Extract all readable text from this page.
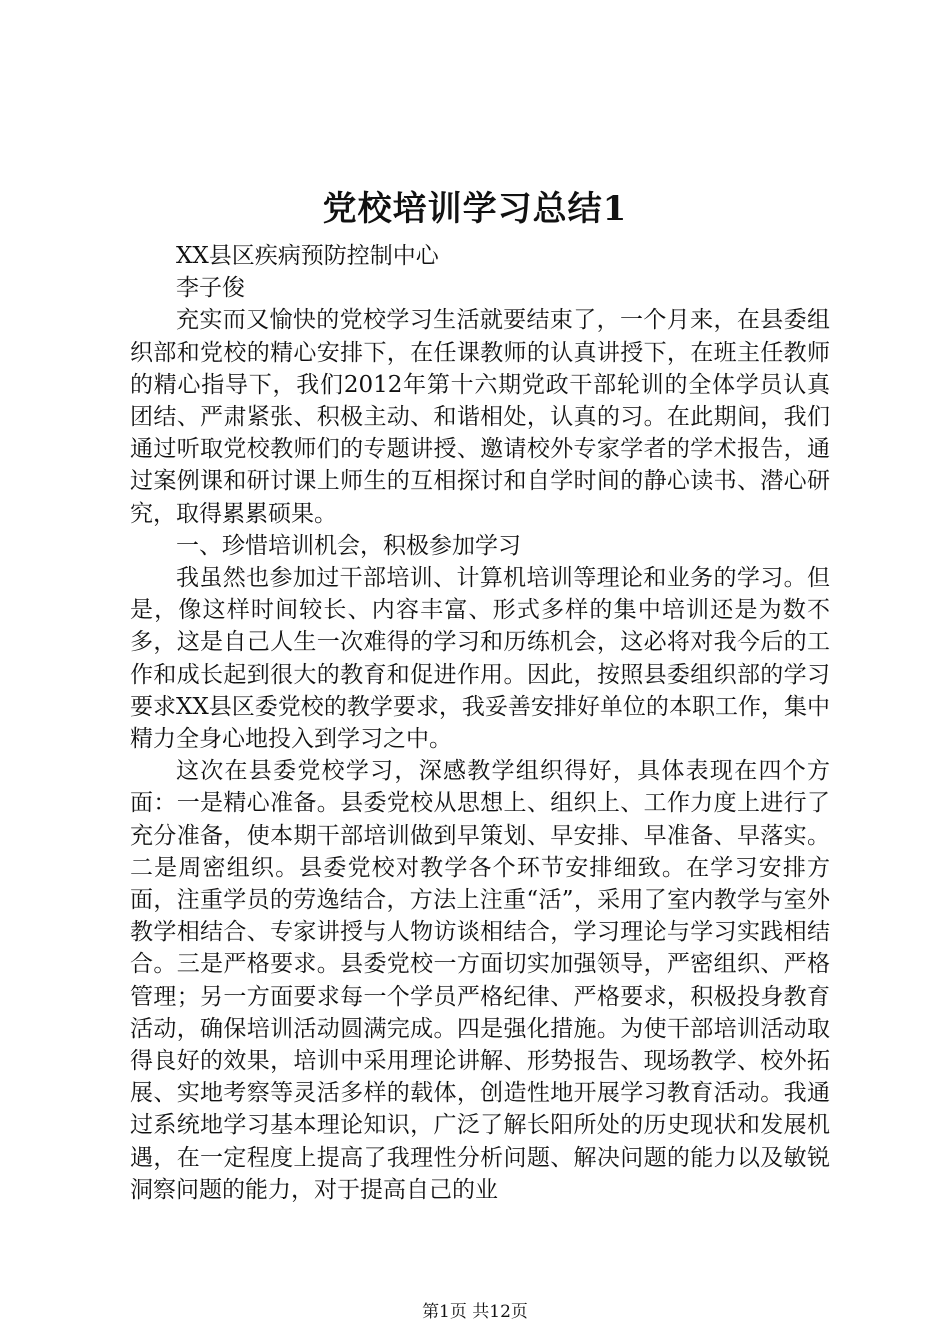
党校培训学习总结1

XX县区疾病预防控制中心

李子俊

充实而又愉快的党校学习生活就要结束了，一个月来，在县委组织部和党校的精心安排下，在任课教师的认真讲授下，在班主任教师的精心指导下，我们2012年第十六期党政干部轮训的全体学员认真团结、严肃紧张、积极主动、和谐相处，认真的习。在此期间，我们通过听取党校教师们的专题讲授、邀请校外专家学者的学术报告，通过案例课和研讨课上师生的互相探讨和自学时间的静心读书、潜心研究，取得累累硕果。

一、珍惜培训机会，积极参加学习

我虽然也参加过干部培训、计算机培训等理论和业务的学习。但是，像这样时间较长、内容丰富、形式多样的集中培训还是为数不多，这是自己人生一次难得的学习和历练机会，这必将对我今后的工作和成长起到很大的教育和促进作用。因此，按照县委组织部的学习要求XX县区委党校的教学要求，我妥善安排好单位的本职工作，集中精力全身心地投入到学习之中。

这次在县委党校学习，深感教学组织得好，具体表现在四个方面：一是精心准备。县委党校从思想上、组织上、工作力度上进行了充分准备，使本期干部培训做到早策划、早安排、早准备、早落实。二是周密组织。县委党校对教学各个环节安排细致。在学习安排方面，注重学员的劳逸结合，方法上注重“活”，采用了室内教学与室外教学相结合、专家讲授与人物访谈相结合，学习理论与学习实践相结合。三是严格要求。县委党校一方面切实加强领导，严密组织、严格管理；另一方面要求每一个学员严格纪律、严格要求，积极投身教育活动，确保培训活动圆满完成。四是强化措施。为使干部培训活动取得良好的效果，培训中采用理论讲解、形势报告、现场教学、校外拓展、实地考察等灵活多样的载体，创造性地开展学习教育活动。我通过系统地学习基本理论知识，广泛了解长阳所处的历史现状和发展机遇，在一定程度上提高了我理性分析问题、解决问题的能力以及敏锐洞察问题的能力，对于提高自己的业

第1页 共12页
